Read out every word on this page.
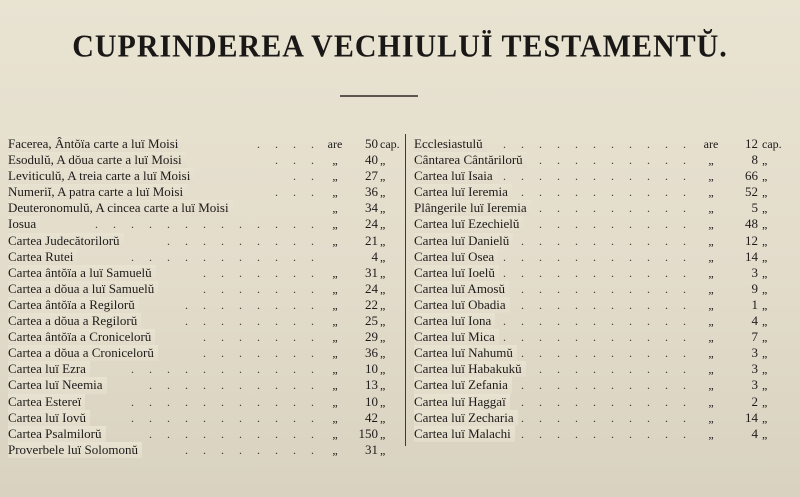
CUPRINDEREA VECHIULUÏ TESTAMENTŬ.
. . . .
Facerea, Ântŏïa carte a luï Moisi	are	50 cap.
. . .
Esodulŭ, A dŏua carte a luï Moisi	„	40 „
. .
Leviticulŭ, A treia carte a luï Moisi	„	27 „
. . .
Numeriĭ, A patra carte a luï Moisi	„	36 „
Deuteronomulŭ, A cincea carte a luï Moisi	„	34 „
. . . . . . . . . . . . .
Iosua	„	24 „
. . . . . . . . .
Cartea Judecătorilorŭ	„	21 „
. . . . . . . . . . .
Cartea Rutei	4 „
. . . . . . .
Cartea ântŏïa a luï Samuelŭ	„	31 „
. . . . . . .
Cartea a dŏua a luï Samuelŭ	„	24 „
. . . . . . . .
Cartea ântŏïa a Regilorŭ	„	22 „
. . . . . . . .
Cartea a dŏua a Regilorŭ	„	25 „
. . . . . . .
Cartea ântŏïa a Cronicelorŭ	„	29 „
. . . . . . .
Cartea a dŏua a Cronicelorŭ	„	36 „
. . . . . . . . . . .
Cartea luï Ezra	„	10 „
. . . . . . . . . .
Cartea luï Neemia	„	13 „
. . . . . . . . . . .
Cartea Estereï	„	10 „
. . . . . . . . . . .
Cartea luï Iovŭ	„	42 „
. . . . . . . . . .
Cartea Psalmilorŭ	„	150 „
. . . . . . . .
Proverbele luï Solomonŭ	„	31 „
. . . . . . . . . . .
Ecclesiastulŭ	are	12 cap.
. . . . . . . . .
Cântarea Cântărilorŭ	„	8 „
. . . . . . . . . . .
Cartea luï Isaia	„	66 „
. . . . . . . . . .
Cartea luï Ieremia	„	52 „
. . . . . . . . .
Plângerile luï Ieremia	„	5 „
. . . . . . . . .
Cartea luï Ezechielŭ	„	48 „
. . . . . . . . . .
Cartea luï Danielŭ	„	12 „
. . . . . . . . . . .
Cartea luï Osea	„	14 „
. . . . . . . . . . .
Cartea luï Ioelŭ	„	3 „
. . . . . . . . . .
Cartea luï Amosŭ	„	9 „
. . . . . . . . . .
Cartea luï Obadia	„	1 „
. . . . . . . . . . .
Cartea luï Iona	„	4 „
. . . . . . . . . . .
Cartea luï Mica	„	7 „
. . . . . . . . . .
Cartea luï Nahumŭ	„	3 „
. . . . . . . . .
Cartea luï Habakukŭ	„	3 „
. . . . . . . . . .
Cartea luï Zefania	„	3 „
. . . . . . . . . .
Cartea luï Haggaï	„	2 „
. . . . . . . . . .
Cartea luï Zecharia	„	14 „
. . . . . . . . . .
Cartea luï Malachi	„	4 „
